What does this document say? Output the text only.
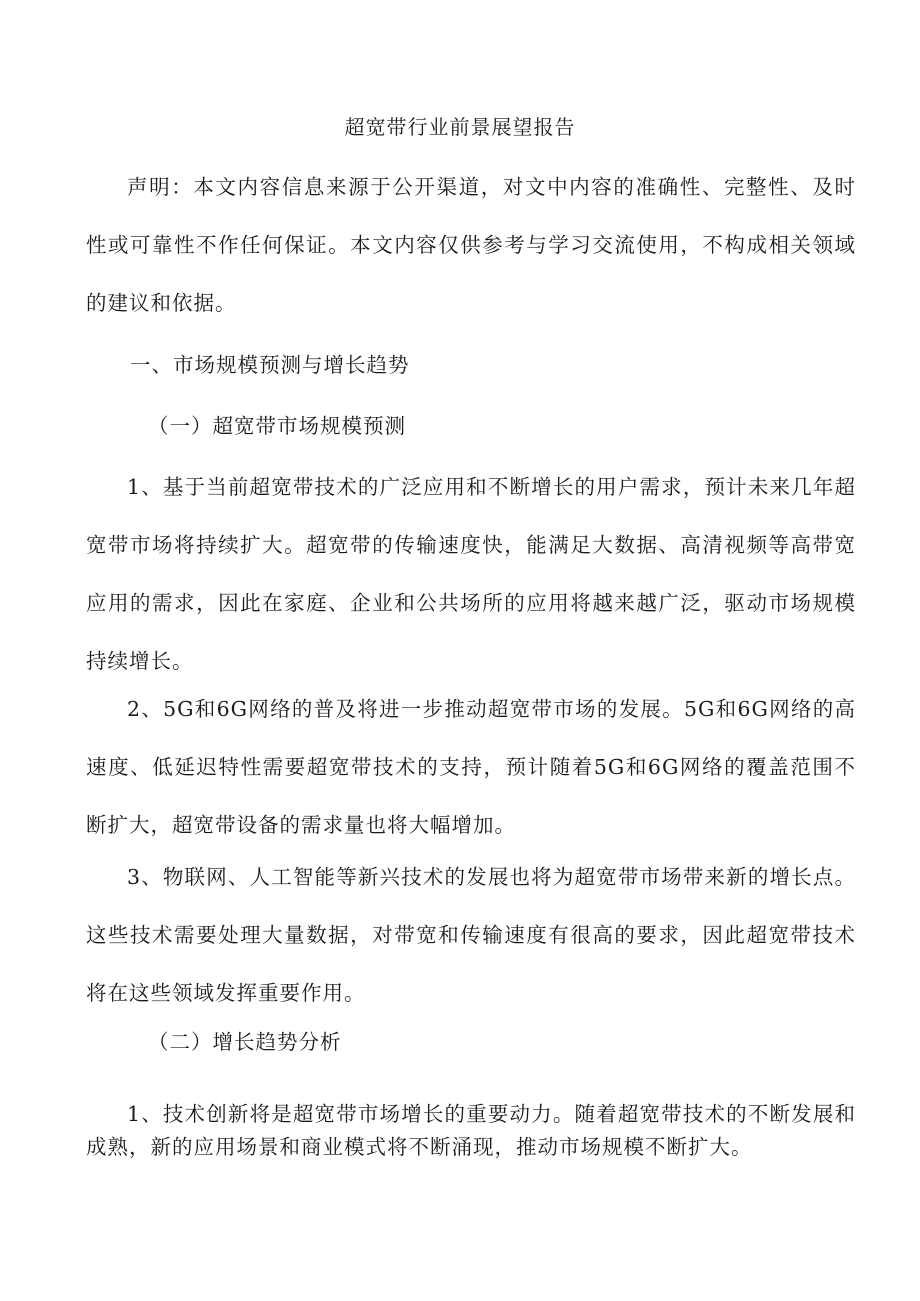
超宽带行业前景展望报告

声明：本文内容信息来源于公开渠道，对文中内容的准确性、完整性、及时性或可靠性不作任何保证。本文内容仅供参考与学习交流使用，不构成相关领域的建议和依据。

一、市场规模预测与增长趋势

（一）超宽带市场规模预测

1、基于当前超宽带技术的广泛应用和不断增长的用户需求，预计未来几年超宽带市场将持续扩大。超宽带的传输速度快，能满足大数据、高清视频等高带宽应用的需求，因此在家庭、企业和公共场所的应用将越来越广泛，驱动市场规模持续增长。

2、5G和6G网络的普及将进一步推动超宽带市场的发展。5G和6G网络的高速度、低延迟特性需要超宽带技术的支持，预计随着5G和6G网络的覆盖范围不断扩大，超宽带设备的需求量也将大幅增加。

3、物联网、人工智能等新兴技术的发展也将为超宽带市场带来新的增长点。这些技术需要处理大量数据，对带宽和传输速度有很高的要求，因此超宽带技术将在这些领域发挥重要作用。

（二）增长趋势分析

1、技术创新将是超宽带市场增长的重要动力。随着超宽带技术的不断发展和成熟，新的应用场景和商业模式将不断涌现，推动市场规模不断扩大。
